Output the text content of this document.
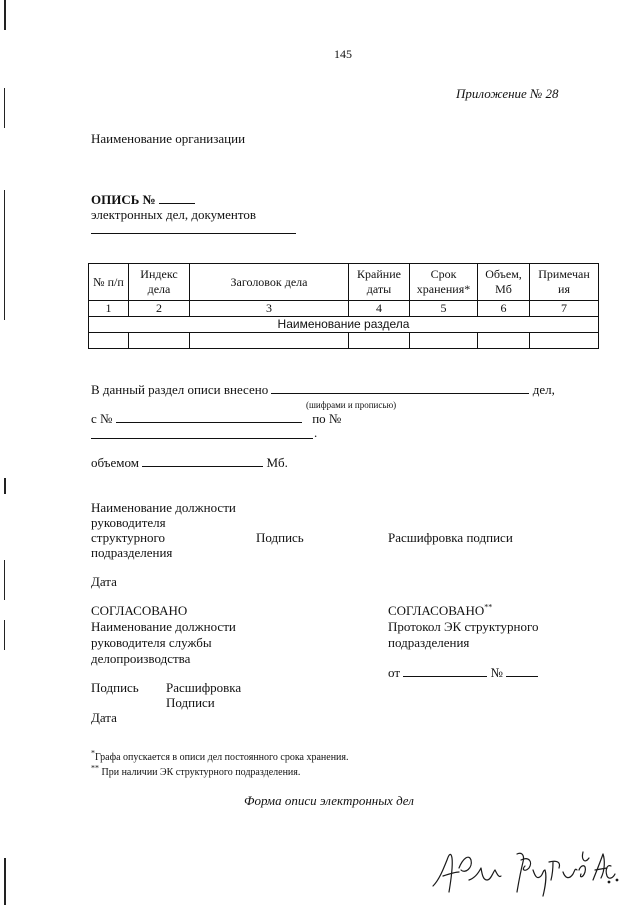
145
Приложение № 28
Наименование организации
ОПИСЬ №
электронных дел, документов
№ п/п	Индекс дела	Заголовок дела	Крайние даты	Срок хранения*	Объем, Мб	Примечан ия
1	2	3	4	5	6	7
Наименование раздела						

В данный раздел описи внесено	дел,
(шифрами и прописью)
с №	по №
.
объемом	Мб.
Наименование должности
руководителя
структурного
подразделения
Подпись	Расшифровка подписи
Дата
СОГЛАСОВАНО
Наименование должности
руководителя службы
делопроизводства
Подпись Расшифровка
Подписи
Дата
СОГЛАСОВАНО**
Протокол ЭК структурного
подразделения
от	№
*Графа опускается в описи дел постоянного срока хранения.
** При наличии ЭК структурного подразделения.
Форма описи электронных дел
